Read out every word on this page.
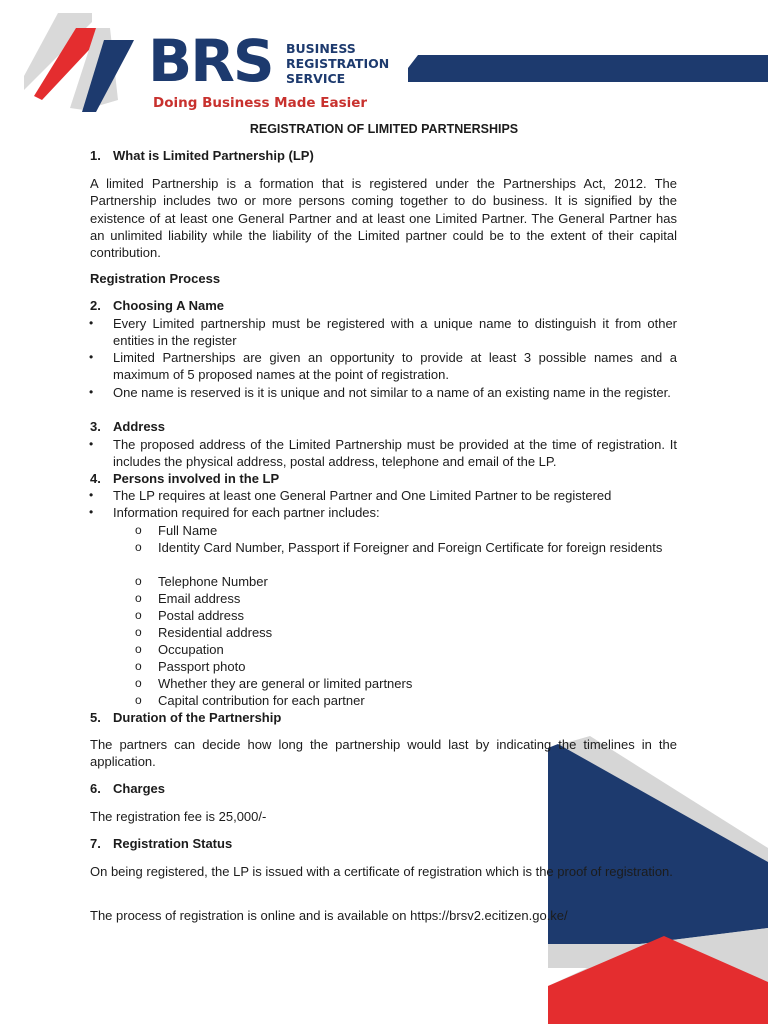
BRS BUSINESS
REGISTRATION
SERVICE
Doing Business Made Easier
REGISTRATION OF LIMITED PARTNERSHIPS
1. What is Limited Partnership (LP)
A limited Partnership is a formation that is registered under the Partnerships Act, 2012. The Partnership includes two or more persons coming together to do business. It is signified by the existence of at least one General Partner and at least one Limited Partner. The General Partner has an unlimited liability while the liability of the Limited partner could be to the extent of their capital contribution.
Registration Process
2. Choosing A Name
• Every Limited partnership must be registered with a unique name to distinguish it from other entities in the register
• Limited Partnerships are given an opportunity to provide at least 3 possible names and a maximum of 5 proposed names at the point of registration.
• One name is reserved is it is unique and not similar to a name of an existing name in the register.
3. Address
• The proposed address of the Limited Partnership must be provided at the time of registration. It includes the physical address, postal address, telephone and email of the LP.
4. Persons involved in the LP
• The LP requires at least one General Partner and One Limited Partner to be registered
• Information required for each partner includes:
o Full Name
o Identity Card Number, Passport if Foreigner and Foreign Certificate for foreign residents
o Telephone Number
o Email address
o Postal address
o Residential address
o Occupation
o Passport photo
o Whether they are general or limited partners
o Capital contribution for each partner
5. Duration of the Partnership
The partners can decide how long the partnership would last by indicating the timelines in the application.
6. Charges
The registration fee is 25,000/-
7. Registration Status
On being registered, the LP is issued with a certificate of registration which is the proof of registration.
The process of registration is online and is available on https://brsv2.ecitizen.go.ke/
